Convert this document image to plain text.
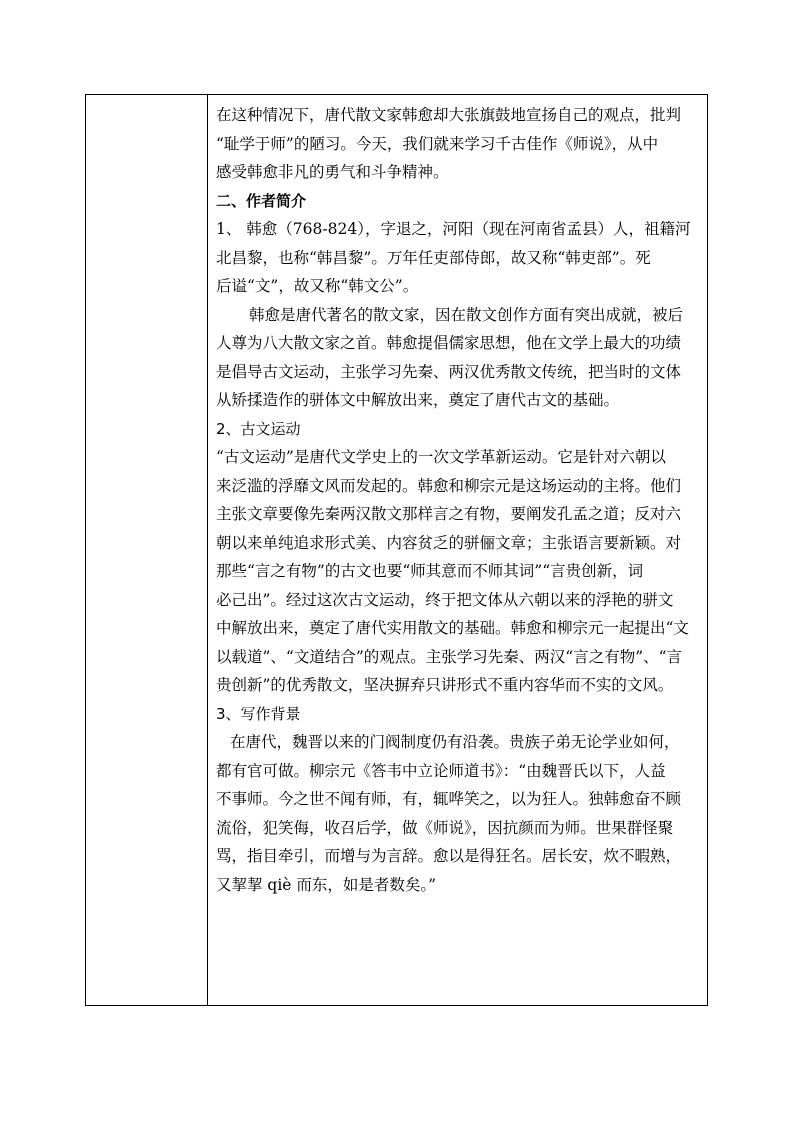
在这种情况下，唐代散文家韩愈却大张旗鼓地宣扬自己的观点，批判
“耻学于师”的陋习。今天，我们就来学习千古佳作《师说》，从中
感受韩愈非凡的勇气和斗争精神。
二、作者简介
1、 韩愈（768-824），字退之，河阳（现在河南省孟县）人，祖籍河
北昌黎，也称“韩昌黎”。万年任吏部侍郎，故又称“韩吏部”。死
后谥“文”，故又称“韩文公”。
韩愈是唐代著名的散文家，因在散文创作方面有突出成就，被后
人尊为八大散文家之首。韩愈提倡儒家思想，他在文学上最大的功绩
是倡导古文运动，主张学习先秦、两汉优秀散文传统，把当时的文体
从矫揉造作的骈体文中解放出来，奠定了唐代古文的基础。
2、古文运动
“古文运动”是唐代文学史上的一次文学革新运动。它是针对六朝以
来泛滥的浮靡文风而发起的。韩愈和柳宗元是这场运动的主将。他们
主张文章要像先秦两汉散文那样言之有物，要阐发孔孟之道；反对六
朝以来单纯追求形式美、内容贫乏的骈俪文章；主张语言要新颖。对
那些“言之有物”的古文也要“师其意而不师其词”“言贵创新，词
必己出”。经过这次古文运动，终于把文体从六朝以来的浮艳的骈文
中解放出来，奠定了唐代实用散文的基础。韩愈和柳宗元一起提出“文
以载道”、“文道结合”的观点。主张学习先秦、两汉“言之有物”、“言
贵创新”的优秀散文，坚决摒弃只讲形式不重内容华而不实的文风。
3、写作背景
在唐代，魏晋以来的门阀制度仍有沿袭。贵族子弟无论学业如何，
都有官可做。柳宗元《答韦中立论师道书》：“由魏晋氏以下，人益
不事师。今之世不闻有师，有，辄哗笑之，以为狂人。独韩愈奋不顾
流俗，犯笑侮，收召后学，做《师说》，因抗颜而为师。世果群怪聚
骂，指目牵引，而增与为言辞。愈以是得狂名。居长安，炊不暇熟，
又挈挈 qiè 而东，如是者数矣。”
